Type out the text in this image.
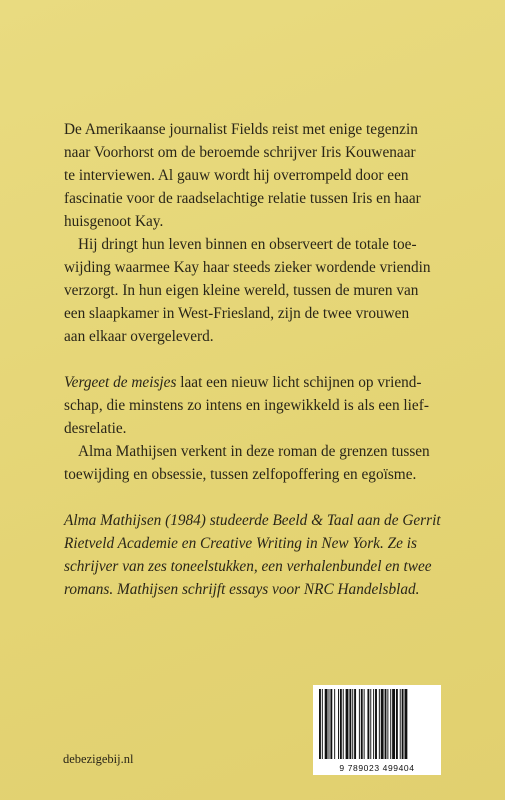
De Amerikaanse journalist Fields reist met enige tegenzin
naar Voorhorst om de beroemde schrijver Iris Kouwenaar
te interviewen. Al gauw wordt hij overrompeld door een
fascinatie voor de raadselachtige relatie tussen Iris en haar
huisgenoot Kay.
Hij dringt hun leven binnen en observeert de totale toe-
wijding waarmee Kay haar steeds zieker wordende vriendin
verzorgt. In hun eigen kleine wereld, tussen de muren van
een slaapkamer in West-Friesland, zijn de twee vrouwen
aan elkaar overgeleverd.
Vergeet de meisjes laat een nieuw licht schijnen op vriend-
schap, die minstens zo intens en ingewikkeld is als een lief-
desrelatie.
Alma Mathijsen verkent in deze roman de grenzen tussen
toewijding en obsessie, tussen zelfopoffering en egoïsme.
Alma Mathijsen (1984) studeerde Beeld & Taal aan de Gerrit
Rietveld Academie en Creative Writing in New York. Ze is
schrijver van zes toneelstukken, een verhalenbundel en twee
romans. Mathijsen schrijft essays voor NRC Handelsblad.
debezigebij.nl
9 789023 499404
